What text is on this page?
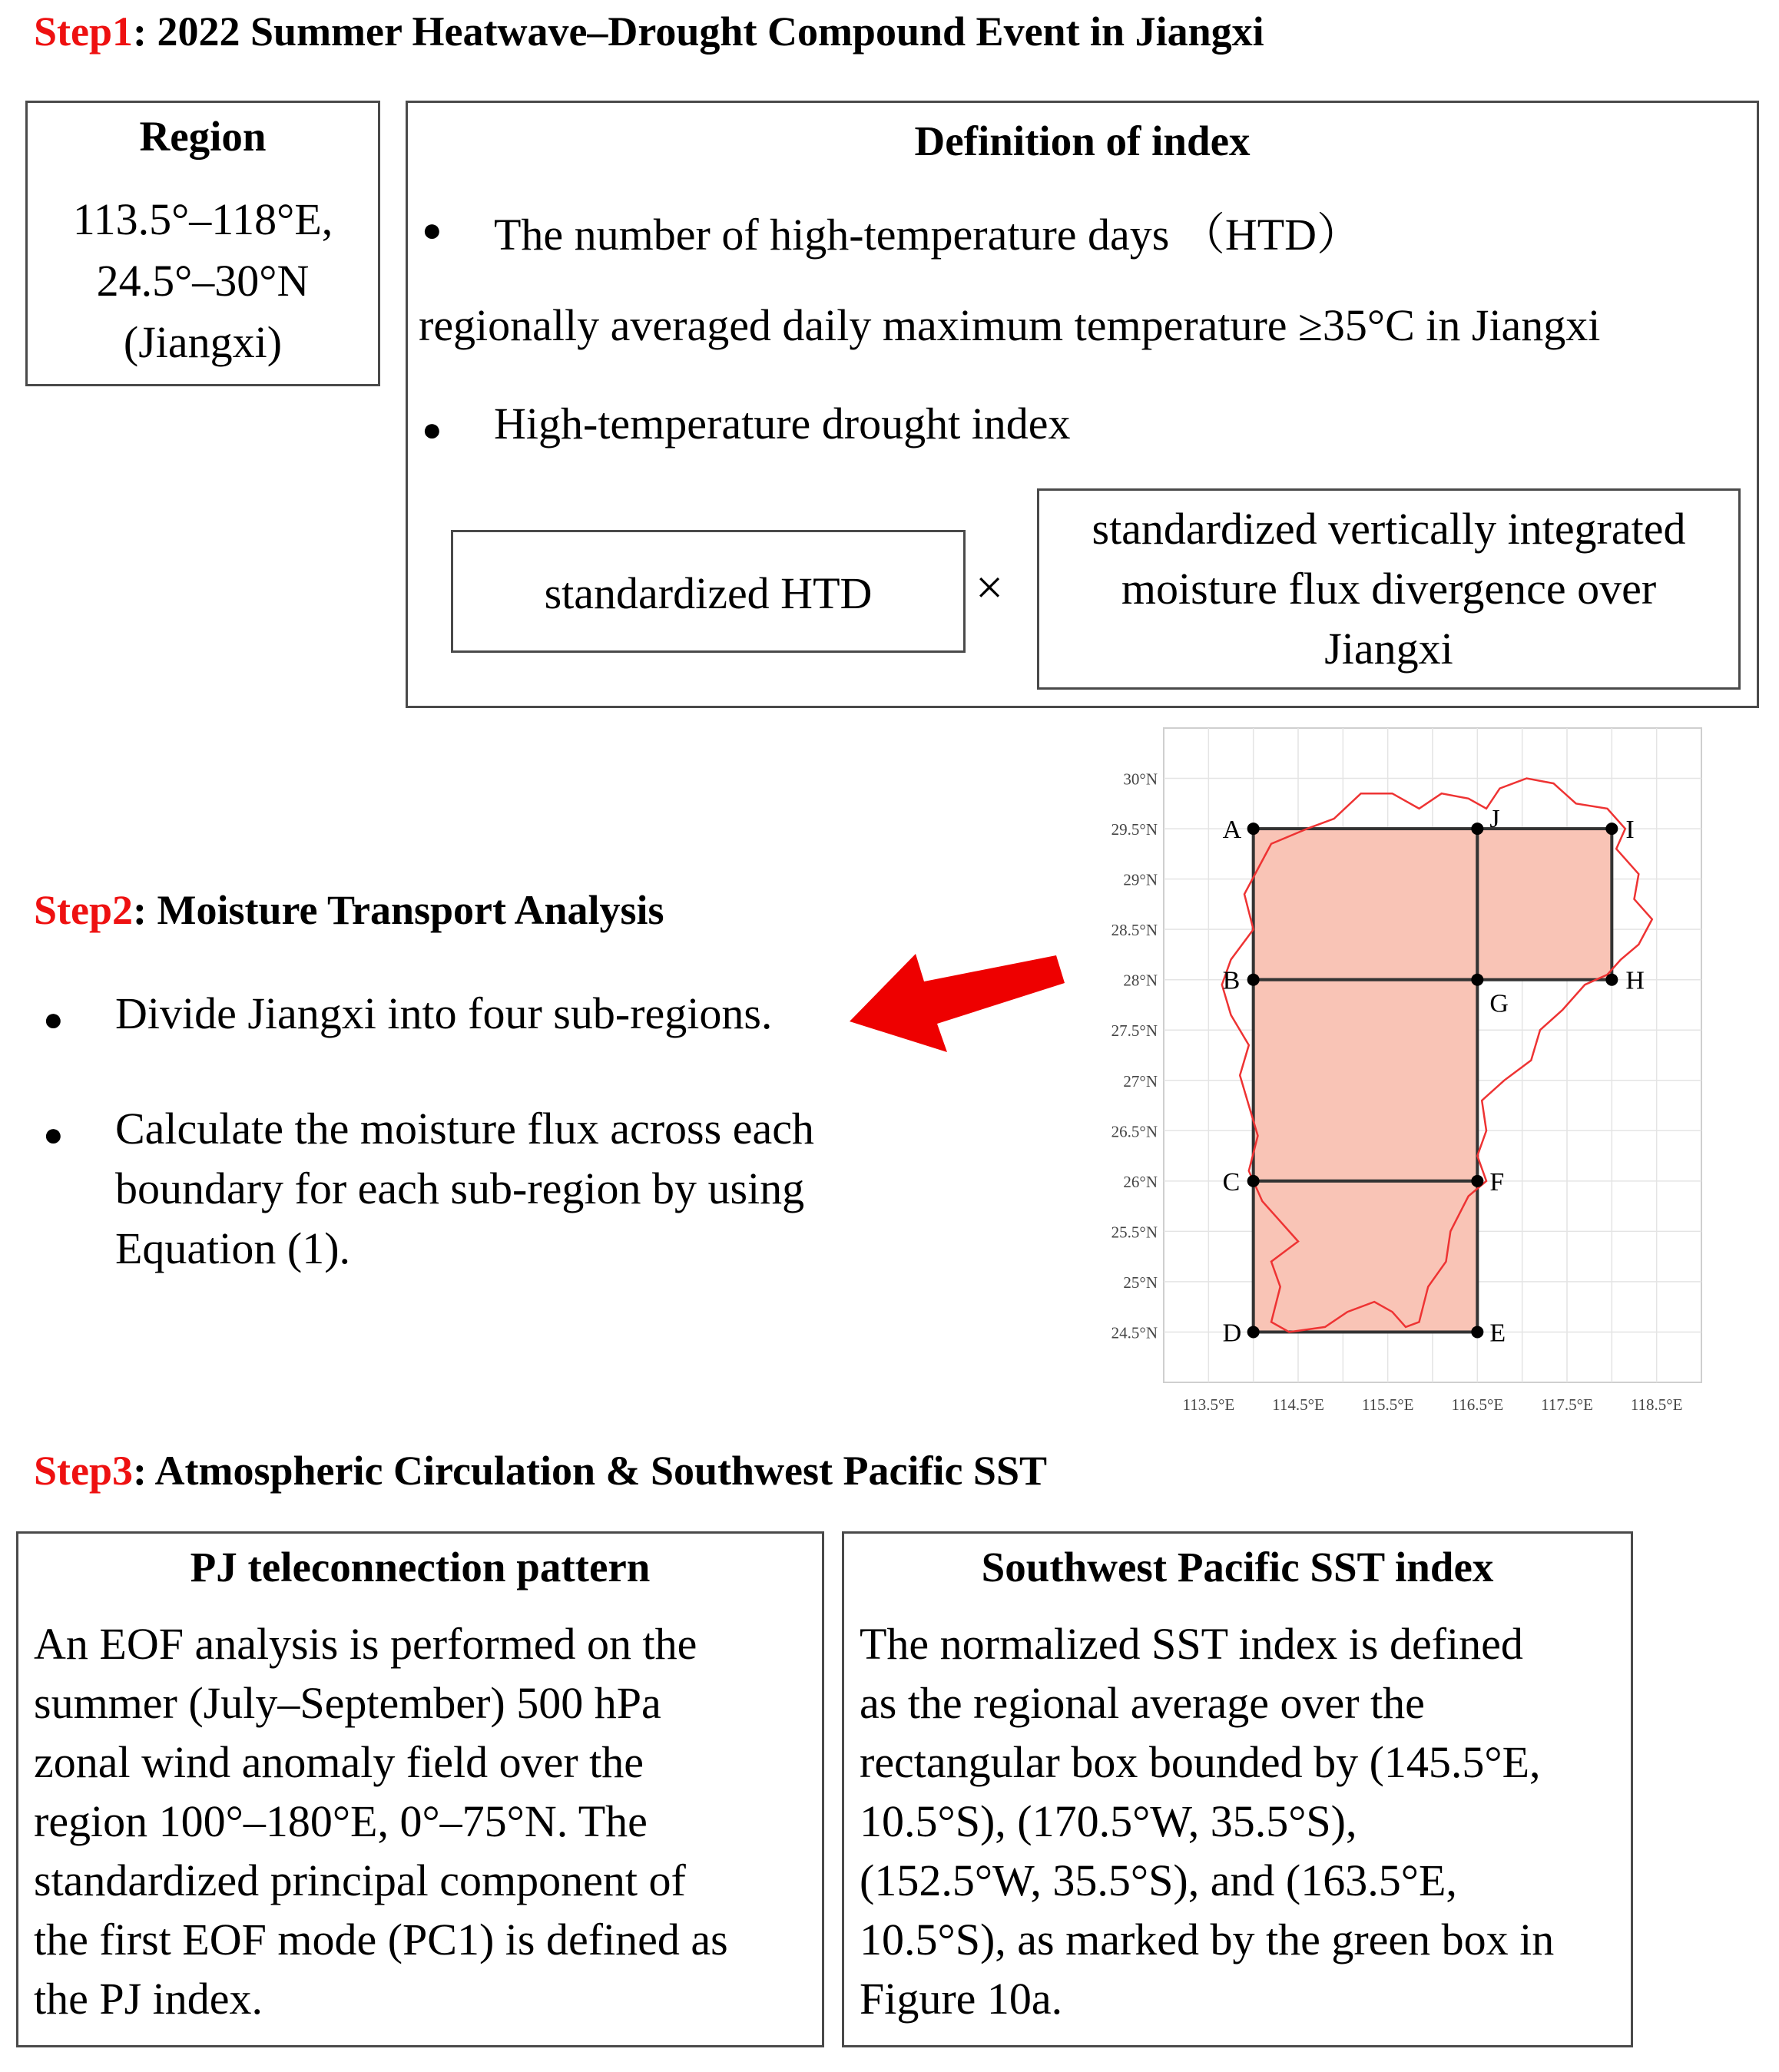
Step1: 2022 Summer Heatwave–Drought Compound Event in Jiangxi
Region
113.5°–118°E,
24.5°–30°N
(Jiangxi)
Definition of index
● The number of high-temperature days （HTD）
regionally averaged daily maximum temperature ≥35°C in Jiangxi
● High-temperature drought index
standardized HTD	×
standardized vertically integrated
moisture flux divergence over
Jiangxi
Step2: Moisture Transport Analysis
● Divide Jiangxi into four sub-regions.
● Calculate the moisture flux across each
boundary for each sub-region by using
Equation (1).
A	J	I
B
G
H
C	F
D	E
30°N
29.5°N
29°N
28.5°N
28°N
27.5°N
27°N
26.5°N
26°N
25.5°N
25°N
24.5°N
113.5°E 114.5°E 115.5°E 116.5°E 117.5°E 118.5°E
Step3: Atmospheric Circulation & Southwest Pacific SST
PJ teleconnection pattern
An EOF analysis is performed on the
summer (July–September) 500 hPa
zonal wind anomaly field over the
region 100°–180°E, 0°–75°N. The
standardized principal component of
the first EOF mode (PC1) is defined as
the PJ index.
Southwest Pacific SST index
The normalized SST index is defined
as the regional average over the
rectangular box bounded by (145.5°E,
10.5°S), (170.5°W, 35.5°S),
(152.5°W, 35.5°S), and (163.5°E,
10.5°S), as marked by the green box in
Figure 10a.
